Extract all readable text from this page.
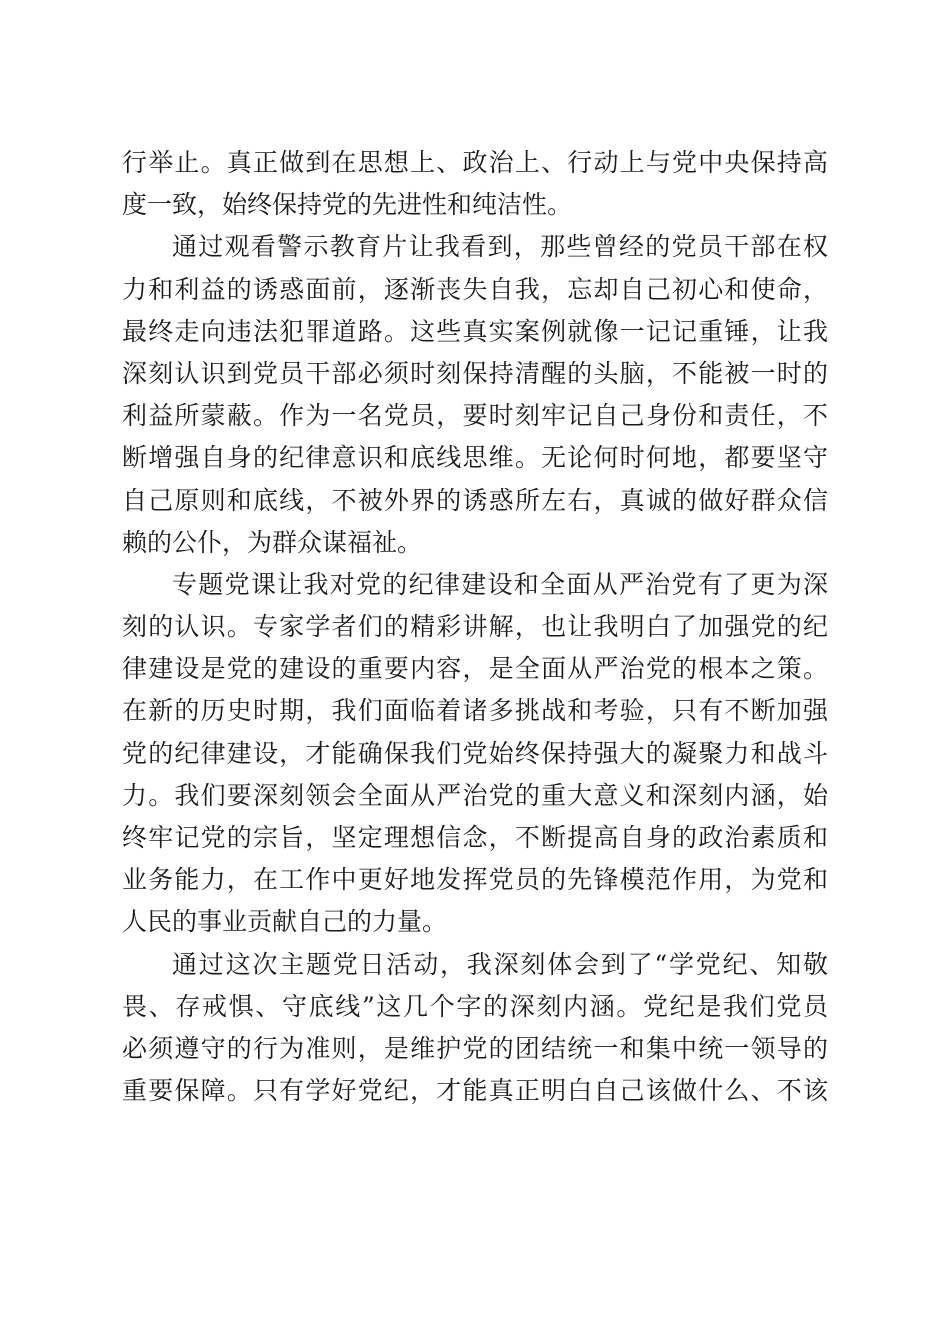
行举止。真正做到在思想上、政治上、行动上与党中央保持高
度一致，始终保持党的先进性和纯洁性。
通过观看警示教育片让我看到，那些曾经的党员干部在权
力和利益的诱惑面前，逐渐丧失自我，忘却自己初心和使命，
最终走向违法犯罪道路。这些真实案例就像一记记重锤，让我
深刻认识到党员干部必须时刻保持清醒的头脑，不能被一时的
利益所蒙蔽。作为一名党员，要时刻牢记自己身份和责任，不
断增强自身的纪律意识和底线思维。无论何时何地，都要坚守
自己原则和底线，不被外界的诱惑所左右，真诚的做好群众信
赖的公仆，为群众谋福祉。
专题党课让我对党的纪律建设和全面从严治党有了更为深
刻的认识。专家学者们的精彩讲解，也让我明白了加强党的纪
律建设是党的建设的重要内容，是全面从严治党的根本之策。
在新的历史时期，我们面临着诸多挑战和考验，只有不断加强
党的纪律建设，才能确保我们党始终保持强大的凝聚力和战斗
力。我们要深刻领会全面从严治党的重大意义和深刻内涵，始
终牢记党的宗旨，坚定理想信念，不断提高自身的政治素质和
业务能力，在工作中更好地发挥党员的先锋模范作用，为党和
人民的事业贡献自己的力量。
通过这次主题党日活动，我深刻体会到了“学党纪、知敬
畏、存戒惧、守底线”这几个字的深刻内涵。党纪是我们党员
必须遵守的行为准则，是维护党的团结统一和集中统一领导的
重要保障。只有学好党纪，才能真正明白自己该做什么、不该
